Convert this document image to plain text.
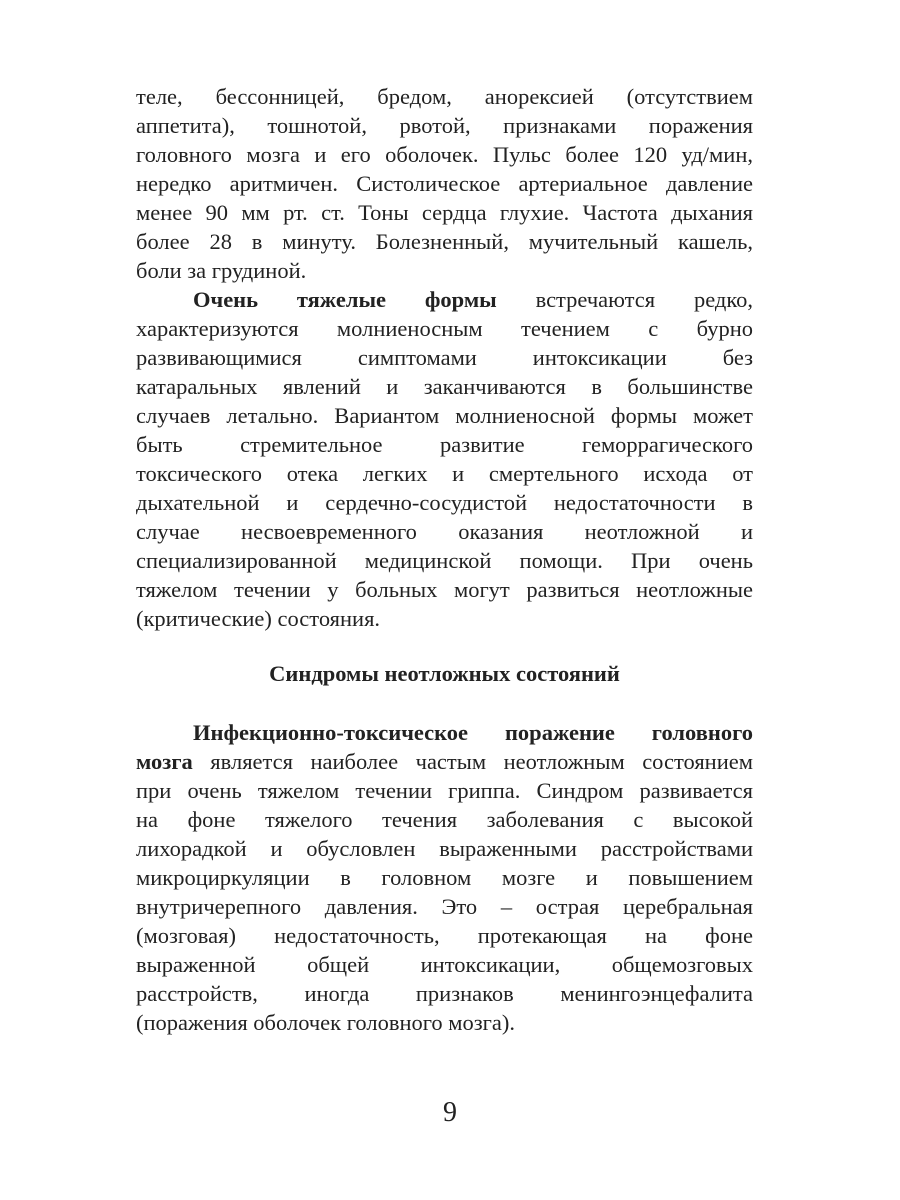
теле, бессонницей, бредом, анорексией (отсутствием
аппетита), тошнотой, рвотой, признаками поражения
головного мозга и его оболочек. Пульс более 120 уд/мин,
нередко аритмичен. Систолическое артериальное давление
менее 90 мм рт. ст. Тоны сердца глухие. Частота дыхания
более 28 в минуту. Болезненный, мучительный кашель,
боли за грудиной.
Очень тяжелые формы встречаются редко,
характеризуются молниеносным течением с бурно
развивающимися симптомами интоксикации без
катаральных явлений и заканчиваются в большинстве
случаев летально. Вариантом молниеносной формы может
быть стремительное развитие геморрагического
токсического отека легких и смертельного исхода от
дыхательной и сердечно-сосудистой недостаточности в
случае несвоевременного оказания неотложной и
специализированной медицинской помощи. При очень
тяжелом течении у больных могут развиться неотложные
(критические) состояния.
Синдромы неотложных состояний
Инфекционно-токсическое поражение головного
мозга является наиболее частым неотложным состоянием
при очень тяжелом течении гриппа. Синдром развивается
на фоне тяжелого течения заболевания с высокой
лихорадкой и обусловлен выраженными расстройствами
микроциркуляции в головном мозге и повышением
внутричерепного давления. Это – острая церебральная
(мозговая) недостаточность, протекающая на фоне
выраженной общей интоксикации, общемозговых
расстройств, иногда признаков менингоэнцефалита
(поражения оболочек головного мозга).
9
